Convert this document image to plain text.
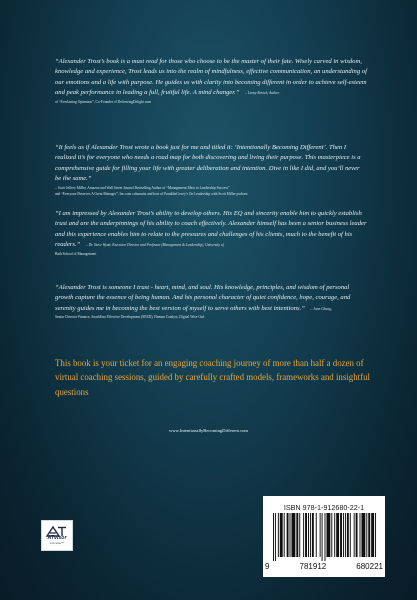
“Alexander Trost’s book is a must read for those who choose to be the master of their fate. Wisely carved in wisdom, knowledge and experience, Trost leads us into the realm of mindfulness, effective communication, an understanding of our emotions and a life with purpose. He guides us with clarity into becoming different in order to achieve self-esteem and peak performance in leading a full, fruitful life. A mind changer.” – Lenny Ravich, Author

of “Everlasting Optimism”, Co-Founder of DeliveringDelight.com

“It feels as if Alexander Trost wrote a book just for me and titled it: ‘Intentionally Becoming Different’. Then I realized it’s for everyone who needs a road map for both discovering and living their purpose. This masterpiece is a comprehensive guide for filling your life with greater deliberation and intention. Dive in like I did, and you’ll never be the same.”

– Scott Jeffrey Miller, Amazon and Wall Street Journal Bestselling Author of “Management Mess to Leadership Success”
and “Everyone Deserves A Great Manager”, Inc.com columnist and host of FranklinCovey’s On Leadership with Scott Miller podcast

“I am impressed by Alexander Trost’s ability to develop others. His EQ and sincerity enable him to quickly establish trust and are the underpinnings of his ability to coach effectively. Alexander himself has been a senior business leader and this experience enables him to relate to the pressures and challenges of his clients, much to the benefit of his readers.” – Dr. Steve Wyatt, Executive Director and Professor (Management & Leadership), University of

Bath School of Management

“Alexander Trost is someone I trust - heart, mind, and soul. His knowledge, principles, and wisdom of personal growth capture the essence of being human. And his personal character of quiet confidence, hope, courage, and serenity guides me in becoming the best version of myself to serve others with best intentions.” – Joon Chung,

Senior Director Finance, SouthEast Effective Development (SEED), Human Catalyst, Digital Wise Owl

This book is your ticket for an engaging coaching journey of more than half a dozen of virtual coaching sessions, guided by carefully crafted models, frameworks and insightful questions

www.IntentionallyBecomingDifferent.com
ATvisor
Live wiser™
ISBN 978-1-912680-22-1
9	781912	680221
